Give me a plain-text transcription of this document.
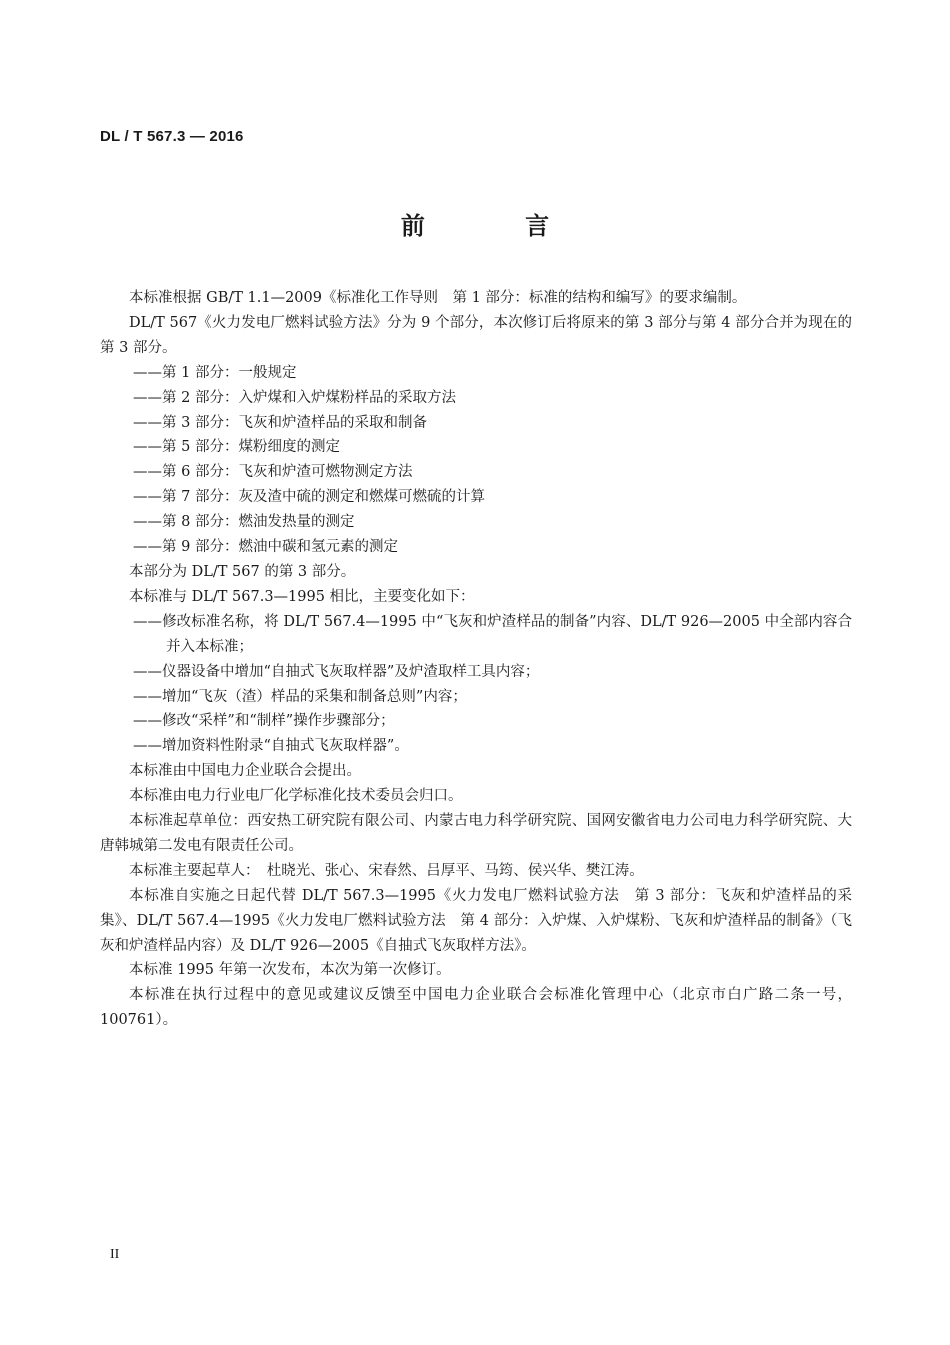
DL / T 567.3 — 2016
前 言

本标准根据 GB/T 1.1—2009《标准化工作导则　第 1 部分：标准的结构和编写》的要求编制。

DL/T 567《火力发电厂燃料试验方法》分为 9 个部分，本次修订后将原来的第 3 部分与第 4 部分合并为现在的第 3 部分。

——第 1 部分：一般规定

——第 2 部分：入炉煤和入炉煤粉样品的采取方法

——第 3 部分：飞灰和炉渣样品的采取和制备

——第 5 部分：煤粉细度的测定

——第 6 部分：飞灰和炉渣可燃物测定方法

——第 7 部分：灰及渣中硫的测定和燃煤可燃硫的计算

——第 8 部分：燃油发热量的测定

——第 9 部分：燃油中碳和氢元素的测定

本部分为 DL/T 567 的第 3 部分。

本标准与 DL/T 567.3—1995 相比，主要变化如下：

——修改标准名称，将 DL/T 567.4—1995 中“飞灰和炉渣样品的制备”内容、DL/T 926—2005 中全部内容合并入本标准；

——仪器设备中增加“自抽式飞灰取样器”及炉渣取样工具内容；

——增加“飞灰（渣）样品的采集和制备总则”内容；

——修改“采样”和“制样”操作步骤部分；

——增加资料性附录“自抽式飞灰取样器”。

本标准由中国电力企业联合会提出。

本标准由电力行业电厂化学标准化技术委员会归口。

本标准起草单位：西安热工研究院有限公司、内蒙古电力科学研究院、国网安徽省电力公司电力科学研究院、大唐韩城第二发电有限责任公司。

本标准主要起草人：　杜晓光、张心、宋春然、吕厚平、马筠、侯兴华、樊江涛。

本标准自实施之日起代替 DL/T 567.3—1995《火力发电厂燃料试验方法　第 3 部分：飞灰和炉渣样品的采集》、DL/T 567.4—1995《火力发电厂燃料试验方法　第 4 部分：入炉煤、入炉煤粉、飞灰和炉渣样品的制备》（飞灰和炉渣样品内容）及 DL/T 926—2005《自抽式飞灰取样方法》。

本标准 1995 年第一次发布，本次为第一次修订。

本标准在执行过程中的意见或建议反馈至中国电力企业联合会标准化管理中心（北京市白广路二条一号，100761）。

II
